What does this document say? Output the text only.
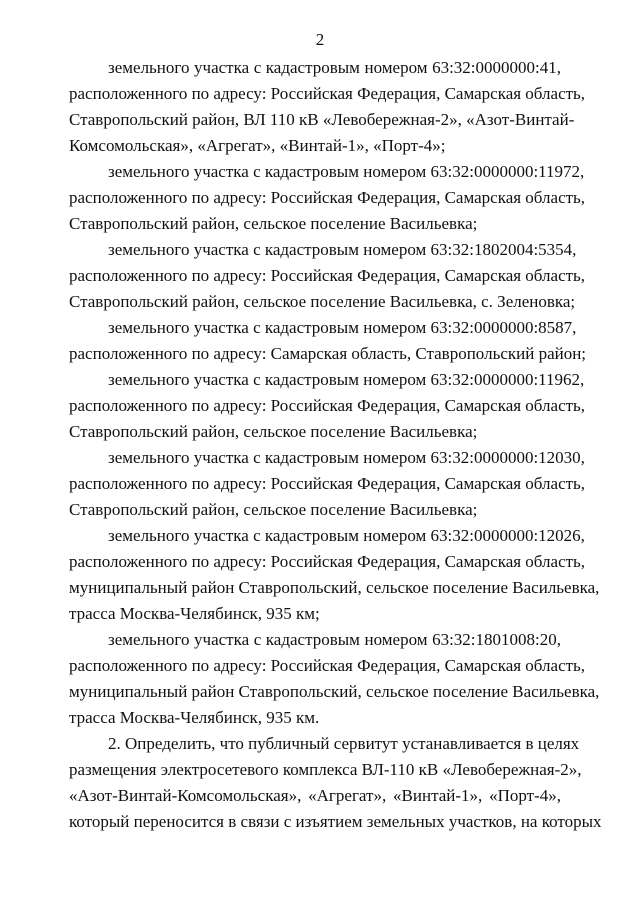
2
земельного участка с кадастровым номером 63:32:0000000:41,
расположенного по адресу: Российская Федерация, Самарская область,
Ставропольский район, ВЛ 110 кВ «Левобережная-2», «Азот-Винтай-
Комсомольская», «Агрегат», «Винтай-1», «Порт-4»;
земельного участка с кадастровым номером 63:32:0000000:11972,
расположенного по адресу: Российская Федерация, Самарская область,
Ставропольский район, сельское поселение Васильевка;
земельного участка с кадастровым номером 63:32:1802004:5354,
расположенного по адресу: Российская Федерация, Самарская область,
Ставропольский район, сельское поселение Васильевка, с. Зеленовка;
земельного участка с кадастровым номером 63:32:0000000:8587,
расположенного по адресу: Самарская область, Ставропольский район;
земельного участка с кадастровым номером 63:32:0000000:11962,
расположенного по адресу: Российская Федерация, Самарская область,
Ставропольский район, сельское поселение Васильевка;
земельного участка с кадастровым номером 63:32:0000000:12030,
расположенного по адресу: Российская Федерация, Самарская область,
Ставропольский район, сельское поселение Васильевка;
земельного участка с кадастровым номером 63:32:0000000:12026,
расположенного по адресу: Российская Федерация, Самарская область,
муниципальный район Ставропольский, сельское поселение Васильевка,
трасса Москва-Челябинск, 935 км;
земельного участка с кадастровым номером 63:32:1801008:20,
расположенного по адресу: Российская Федерация, Самарская область,
муниципальный район Ставропольский, сельское поселение Васильевка,
трасса Москва-Челябинск, 935 км.
2. Определить, что публичный сервитут устанавливается в целях
размещения электросетевого комплекса ВЛ-110 кВ «Левобережная-2»,
«Азот-Винтай-Комсомольская», «Агрегат», «Винтай-1», «Порт-4»,
который переносится в связи с изъятием земельных участков, на которых
